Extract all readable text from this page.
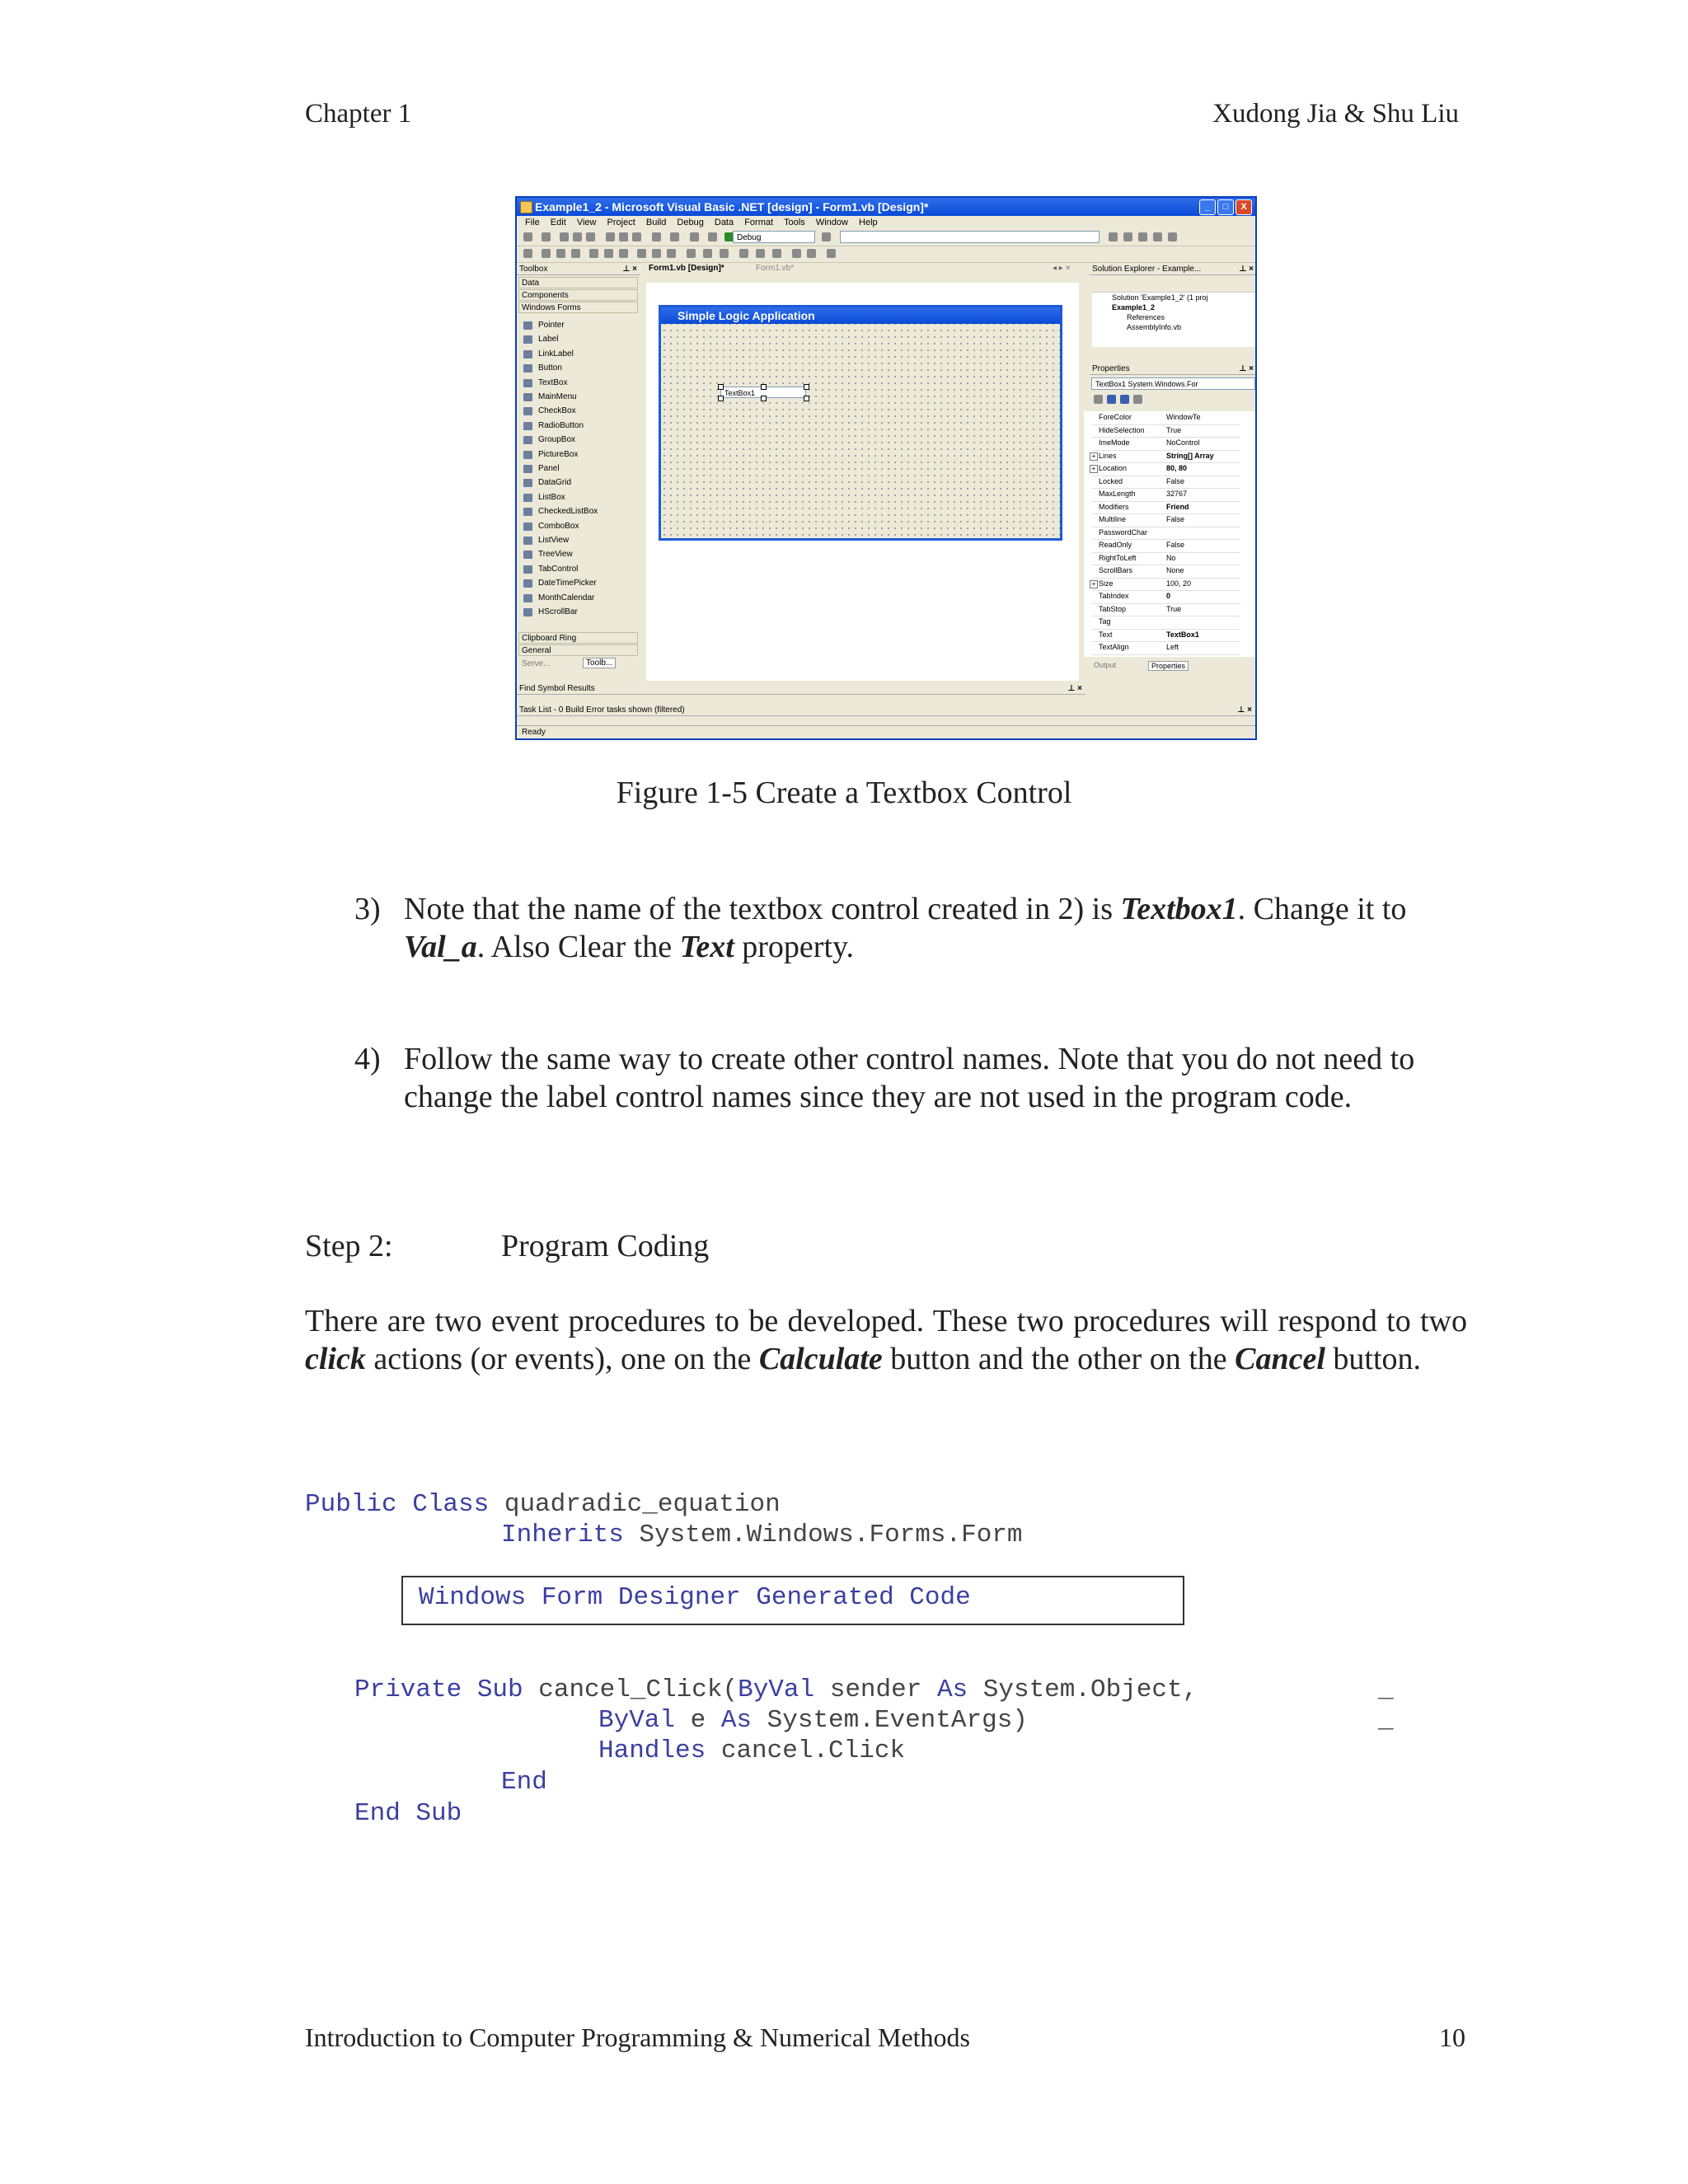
Chapter 1	Xudong Jia & Shu Liu
Example1_2 - Microsoft Visual Basic .NET [design] - Form1.vb [Design]*	_	□	X
File Edit View Project Build Debug Data Format Tools Window Help
Debug
Toolbox	⊥ ×
Data
Components
Windows Forms
Pointer
Label
LinkLabel
Button
TextBox
MainMenu
CheckBox
RadioButton
GroupBox
PictureBox
Panel
DataGrid
ListBox
CheckedListBox
ComboBox
ListView
TreeView
TabControl
DateTimePicker
MonthCalendar
HScrollBar
Clipboard Ring
General
Serve...	Toolb...
Form1.vb [Design]*	Form1.vb*	◂ ▸ ×
Simple Logic Application
TextBox1
Solution Explorer - Example...	⊥ ×
Solution 'Example1_2' (1 proj
Example1_2
References
AssemblyInfo.vb
Properties	⊥ ×
TextBox1 System.Windows.For
ForeColor	WindowTe
HideSelection	True
ImeMode	NoControl
+ Lines	String[] Array
+ Location	80, 80
Locked	False
MaxLength	32767
Modifiers	Friend
Multiline	False
PasswordChar
ReadOnly	False
RightToLeft	No
ScrollBars	None
+ Size	100, 20
TabIndex	0
TabStop	True
Tag
Text	TextBox1
TextAlign	Left
Output	Properties
Find Symbol Results	⊥ ×
Task List - 0 Build Error tasks shown (filtered)	⊥ ×
Ready
Figure 1-5 Create a Textbox Control
3) Note that the name of the textbox control created in 2) is Textbox1. Change it to Val_a. Also Clear the Text property.
4) Follow the same way to create other control names. Note that you do not need to change the label control names since they are not used in the program code.
Step 2:	Program Coding
There are two event procedures to be developed. These two procedures will respond to two click actions (or events), one on the Calculate button and the other on the Cancel button.
Public Class quadradic_equation
Inherits System.Windows.Forms.Form
Windows Form Designer Generated Code
Private Sub cancel_Click(ByVal sender As System.Object,	_
ByVal e As System.EventArgs)	_
Handles cancel.Click
End
End Sub
Introduction to Computer Programming & Numerical Methods	10
